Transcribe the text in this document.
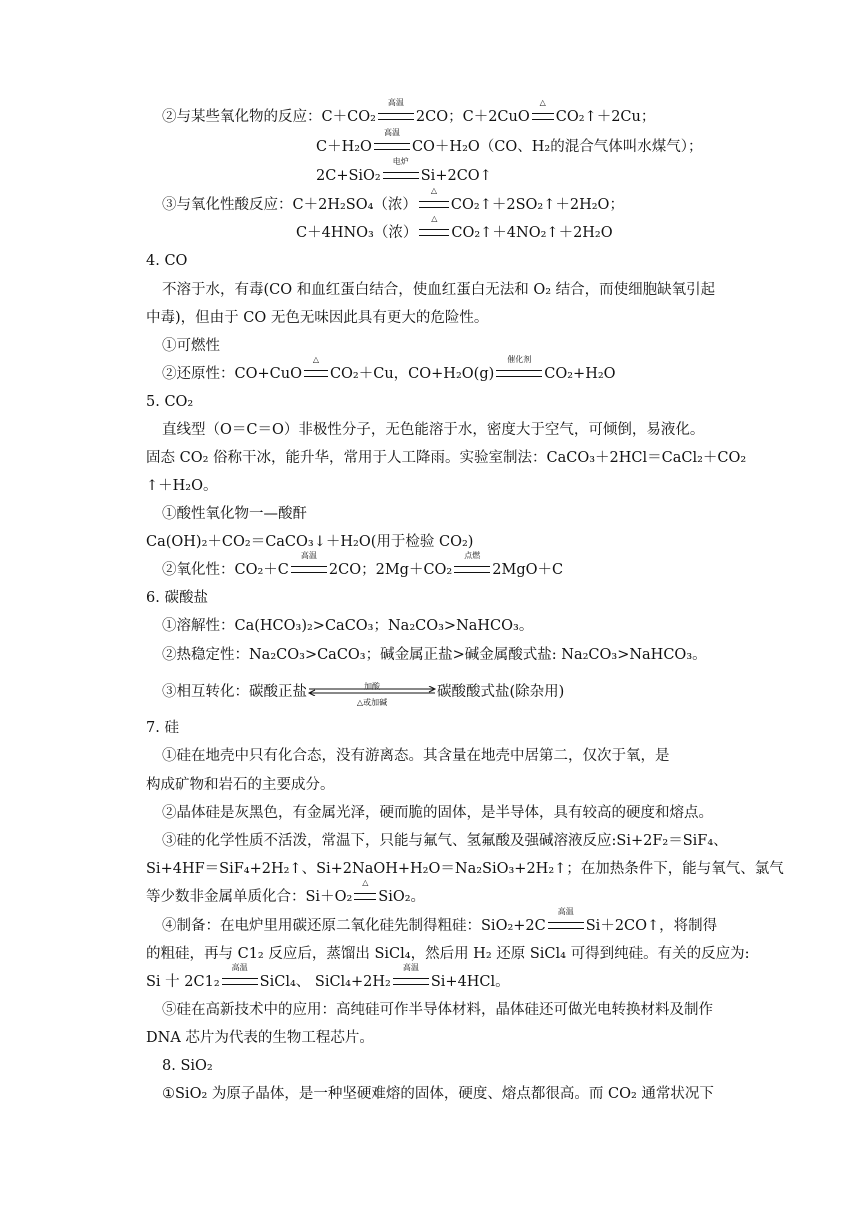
②与某些氧化物的反应：C＋CO₂
高温
2CO；C＋2CuO
△
CO₂↑＋2Cu；
C＋H₂O
高温
CO＋H₂O（CO、H₂的混合气体叫水煤气）；
2C+SiO₂
电炉
Si+2CO↑
③与氧化性酸反应：C＋2H₂SO₄（浓）
△
CO₂↑＋2SO₂↑＋2H₂O；
C＋4HNO₃（浓）
△
CO₂↑＋4NO₂↑＋2H₂O
4. CO
不溶于水，有毒(CO 和血红蛋白结合，使血红蛋白无法和 O₂ 结合，而使细胞缺氧引起
中毒)，但由于 CO 无色无味因此具有更大的危险性。
①可燃性
②还原性：CO+CuO
△
CO₂＋Cu，CO+H₂O(g)
催化剂
CO₂+H₂O
5. CO₂
直线型（O＝C＝O）非极性分子，无色能溶于水，密度大于空气，可倾倒，易液化。
固态 CO₂ 俗称干冰，能升华，常用于人工降雨。实验室制法：CaCO₃＋2HCl＝CaCl₂＋CO₂
↑＋H₂O。
①酸性氧化物一—酸酐
Ca(OH)₂＋CO₂＝CaCO₃↓＋H₂O(用于检验 CO₂)
②氧化性：CO₂＋C
高温
2CO；2Mg＋CO₂
点燃
2MgO＋C
6. 碳酸盐
①溶解性：Ca(HCO₃)₂>CaCO₃；Na₂CO₃>NaHCO₃。
②热稳定性：Na₂CO₃>CaCO₃；碱金属正盐>碱金属酸式盐: Na₂CO₃>NaHCO₃。
③相互转化：碳酸正盐	加酸
△或加碱
碳酸酸式盐(除杂用)
7. 硅
①硅在地壳中只有化合态，没有游离态。其含量在地壳中居第二，仅次于氧，是
构成矿物和岩石的主要成分。
②晶体硅是灰黑色，有金属光泽，硬而脆的固体，是半导体，具有较高的硬度和熔点。
③硅的化学性质不活泼，常温下，只能与氟气、氢氟酸及强碱溶液反应:Si+2F₂＝SiF₄、
Si+4HF＝SiF₄+2H₂↑、Si+2NaOH+H₂O＝Na₂SiO₃+2H₂↑；在加热条件下，能与氧气、氯气
等少数非金属单质化合：Si＋O₂
△
SiO₂。
④制备：在电炉里用碳还原二氧化硅先制得粗硅：SiO₂+2C
高温
Si＋2CO↑，将制得
的粗硅，再与 C1₂ 反应后，蒸馏出 SiCl₄，然后用 H₂ 还原 SiCl₄ 可得到纯硅。有关的反应为:
Si 十 2C1₂
高温
SiCl₄、 SiCl₄+2H₂
高温
Si+4HCl。
⑤硅在高新技术中的应用：高纯硅可作半导体材料，晶体硅还可做光电转换材料及制作
DNA 芯片为代表的生物工程芯片。
8. SiO₂
①SiO₂ 为原子晶体，是一种坚硬难熔的固体，硬度、熔点都很高。而 CO₂ 通常状况下
